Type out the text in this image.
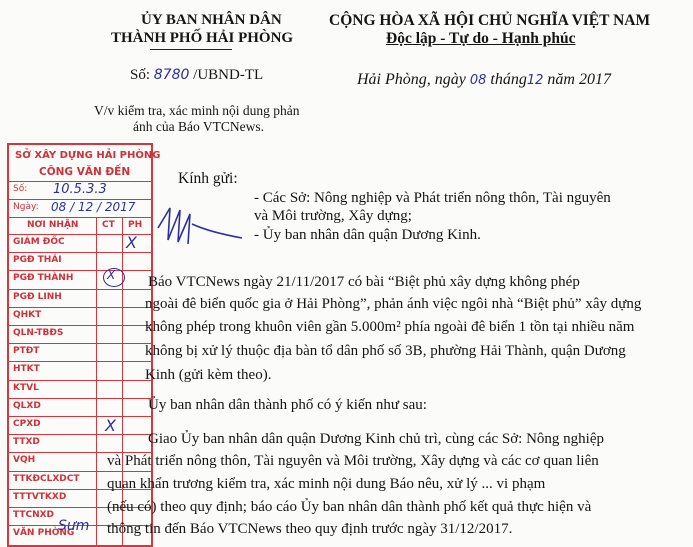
ỦY BAN NHÂN DÂN
THÀNH PHỐ HẢI PHÒNG
CỘNG HÒA XÃ HỘI CHỦ NGHĨA VIỆT NAM
Độc lập - Tự do - Hạnh phúc
Số: 8780 /UBND-TL	Hải Phòng, ngày 08 tháng12 năm 2017
V/v kiểm tra, xác minh nội dung phản
ánh của Báo VTCNews.
SỞ XÂY DỰNG HẢI PHÒNG
CÔNG VĂN ĐẾN
Số: 10.5.3.3
Ngày: 08 / 12 / 2017
NƠI NHẬN	CT PH
GIÁM ĐỐC
PGĐ THÁI
PGĐ THÀNH
PGĐ LINH
QHKT
QLN-TBĐS
PTĐT
HTKT
KTVL
QLXD
CPXD
TTXD
VQH
TTKĐCLXDCT
TTTVTKXD
TTCNXD
VĂN PHÒNG
X
X
X
Sưm
Kính gửi:
- Các Sở: Nông nghiệp và Phát triển nông thôn, Tài nguyên
và Môi trường, Xây dựng;
- Ủy ban nhân dân quận Dương Kinh.
Báo VTCNews ngày 21/11/2017 có bài “Biệt phủ xây dựng không phép
ngoài đê biển quốc gia ở Hải Phòng”, phản ánh việc ngôi nhà “Biệt phủ” xây dựng
không phép trong khuôn viên gần 5.000m² phía ngoài đê biển 1 tồn tại nhiều năm
không bị xử lý thuộc địa bàn tổ dân phố số 3B, phường Hải Thành, quận Dương
Kinh (gửi kèm theo).
Ủy ban nhân dân thành phố có ý kiến như sau:
Giao Ủy ban nhân dân quận Dương Kinh chủ trì, cùng các Sở: Nông nghiệp
và Phát triển nông thôn, Tài nguyên và Môi trường, Xây dựng và các cơ quan liên
quan khẩn trương kiểm tra, xác minh nội dung Báo nêu, xử lý ... vi phạm
(nếu có) theo quy định; báo cáo Ủy ban nhân dân thành phố kết quả thực hiện và
thông tin đến Báo VTCNews theo quy định trước ngày 31/12/2017.
